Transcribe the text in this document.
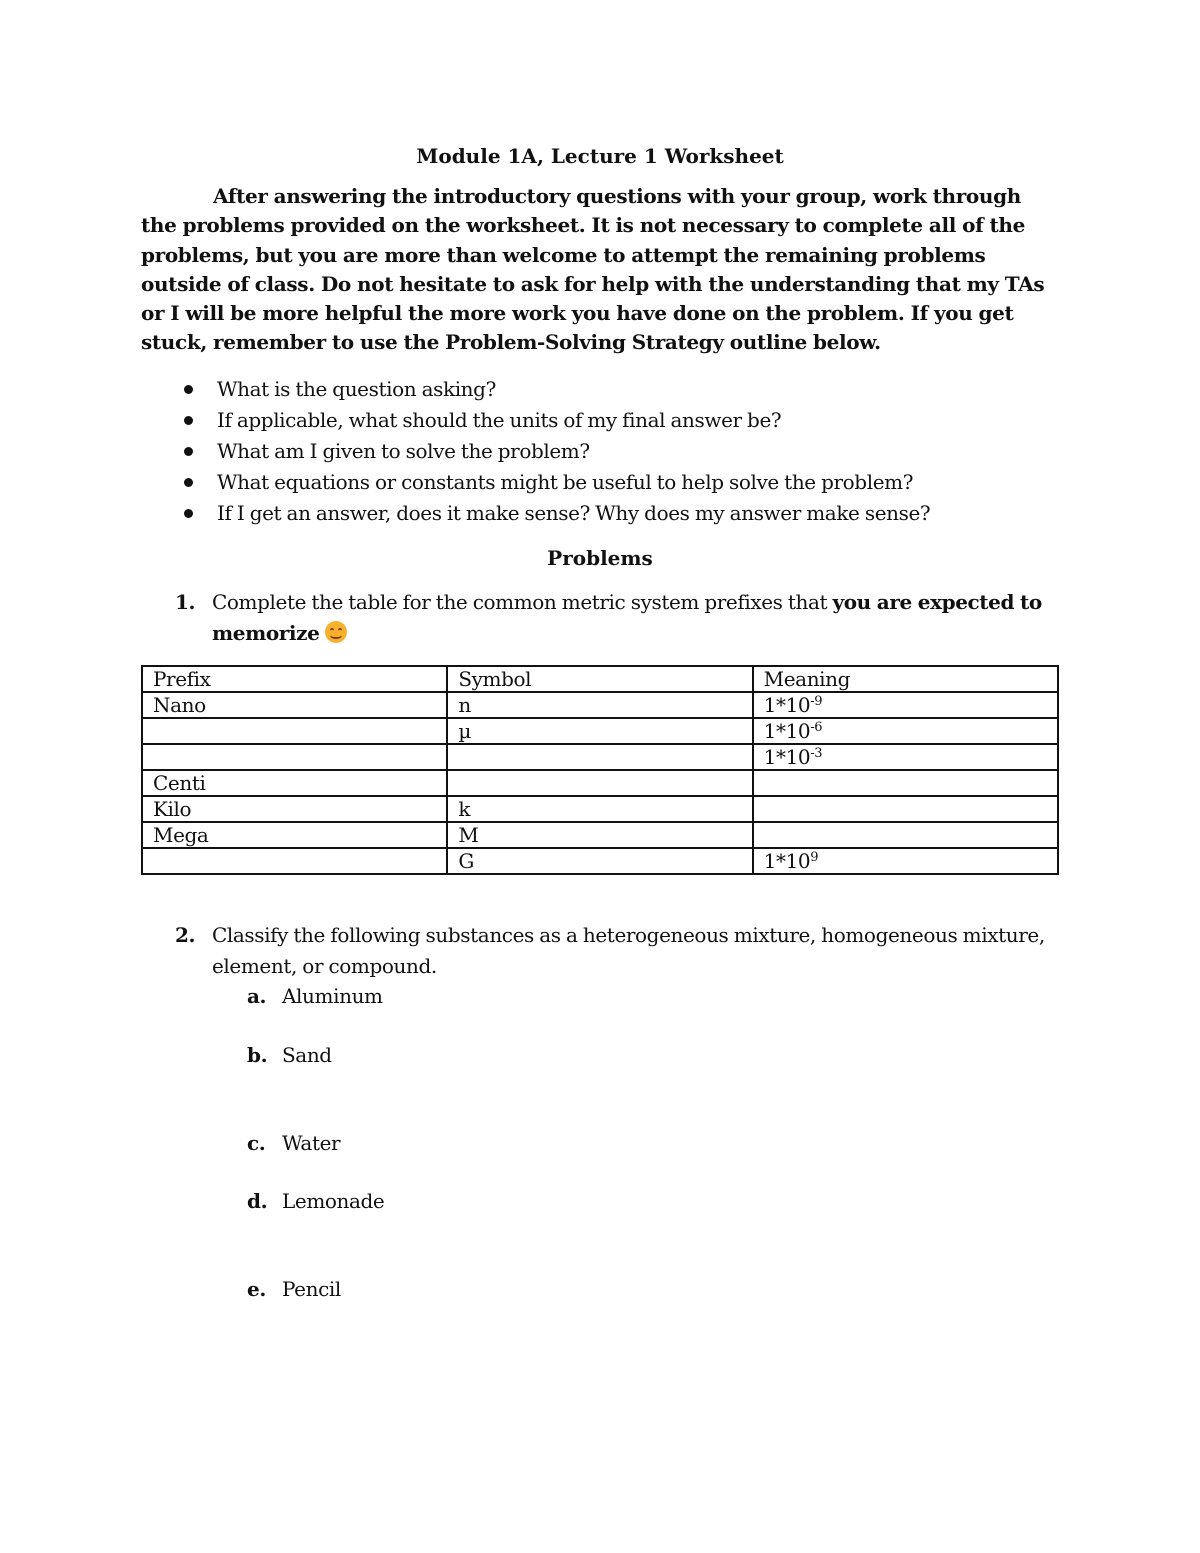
Module 1A, Lecture 1 Worksheet

After answering the introductory questions with your group, work through the problems provided on the worksheet. It is not necessary to complete all of the problems, but you are more than welcome to attempt the remaining problems outside of class. Do not hesitate to ask for help with the understanding that my TAs or I will be more helpful the more work you have done on the problem. If you get stuck, remember to use the Problem-Solving Strategy outline below.

What is the question asking?
If applicable, what should the units of my final answer be?
What am I given to solve the problem?
What equations or constants might be useful to help solve the problem?
If I get an answer, does it make sense? Why does my answer make sense?
Problems
1. Complete the table for the common metric system prefixes that you are expected to memorize
Prefix	Symbol	Meaning
Nano	n	$1*10^{-9}$
	µ	$1*10^{-6}$
		$1*10^{-3}$
Centi		
Kilo	k	
Mega	M	
	G	$1*10^9$
2. Classify the following substances as a heterogeneous mixture, homogeneous mixture, element, or compound.
a. Aluminum
b. Sand
c. Water
d. Lemonade
e. Pencil
